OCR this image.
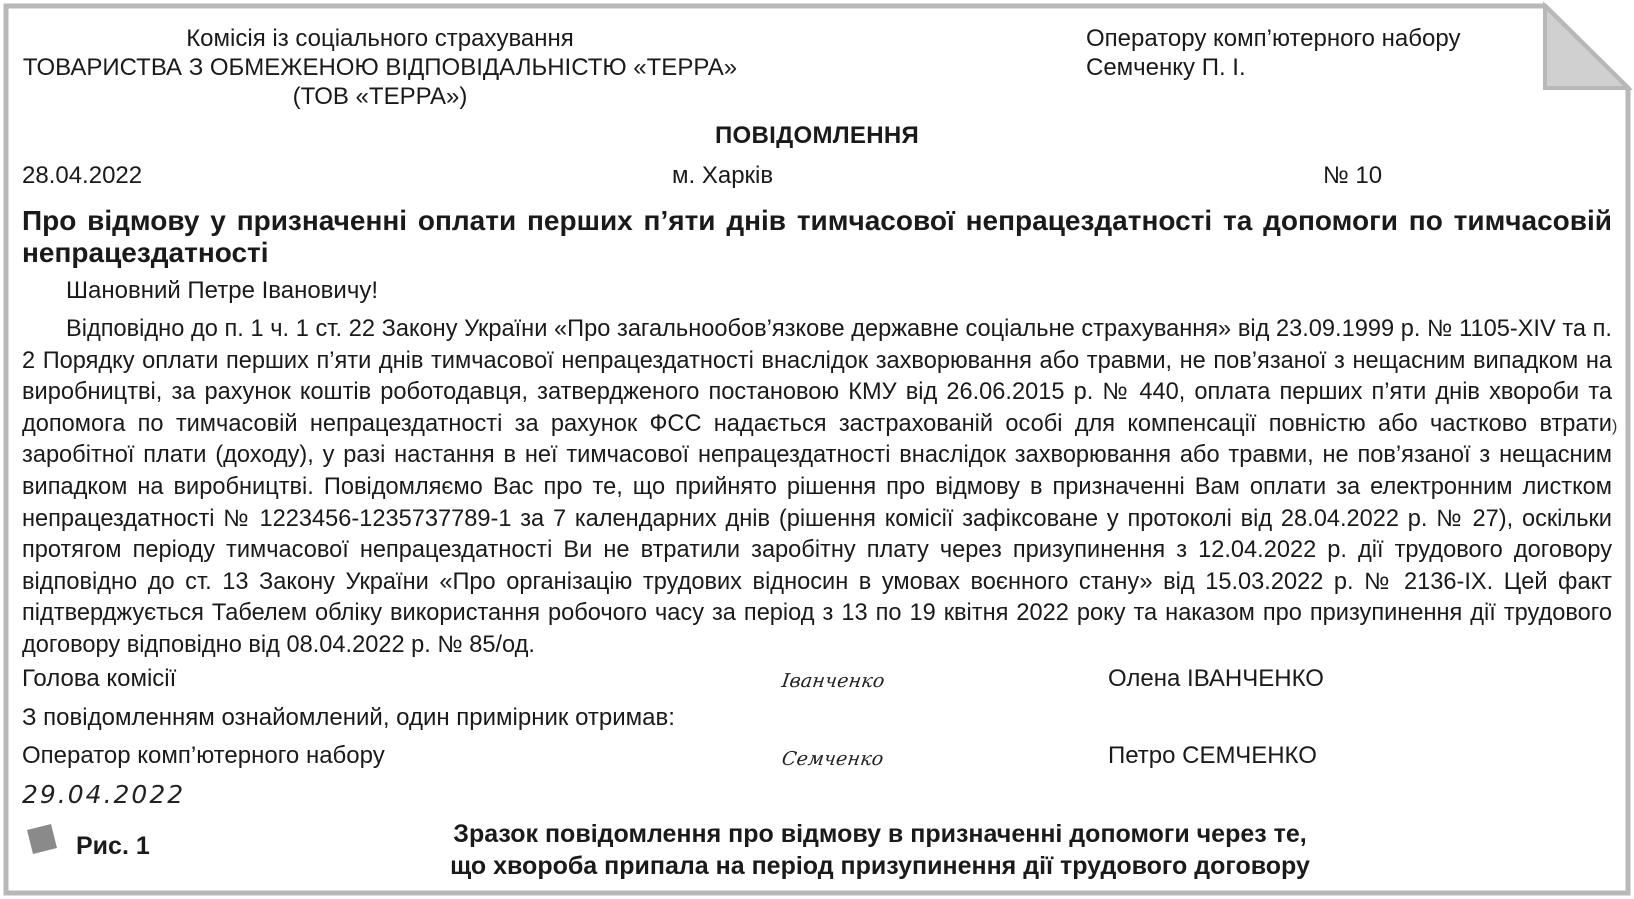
Комісія із соціального страхування
ТОВАРИСТВА З ОБМЕЖЕНОЮ ВІДПОВІДАЛЬНІСТЮ «ТЕРРА»
(ТОВ «ТЕРРА»)
Оператору комп’ютерного набору
Семченку П. І.
ПОВІДОМЛЕННЯ
28.04.2022	м. Харків	№ 10
Про відмову у призначенні оплати перших п’яти днів тимчасової непрацездатності та допомоги по тимчасовій непрацездатності
Шановний Петре Івановичу!
Відповідно до п. 1 ч. 1 ст. 22 Закону України «Про загальнообов’язкове державне соціальне страхування» від 23.09.1999 р. № 1105-XIV та п. 2 Порядку оплати перших п’яти днів тимчасової непрацездатності внаслідок захворювання або травми, не пов’язаної з нещасним випадком на виробництві, за рахунок коштів роботодавця, затвердженого постановою КМУ від 26.06.2015 р. № 440, оплата перших п’яти днів хвороби та допомога по тимчасовій непрацездатності за рахунок ФСС надається застрахованій особі для компенсації повністю або частково втрати заробітної плати (доходу), у разі настання в неї тимчасової непрацездатності внаслідок захворювання або травми, не пов’язаної з нещасним випадком на виробництві. Повідомляємо Вас про те, що прийнято рішення про відмову в призначенні Вам оплати за електронним листком непрацездатності № 1223456-1235737789-1 за 7 календарних днів (рішення комісії зафіксоване у протоколі від 28.04.2022 р. № 27), оскільки протягом періоду тимчасової непрацездатності Ви не втратили заробітну плату через призупинення з 12.04.2022 р. дії трудового договору відповідно до ст. 13 Закону України «Про організацію трудових відносин в умовах воєнного стану» від 15.03.2022 р. № 2136-IX. Цей факт підтверджується Табелем обліку використання робочого часу за період з 13 по 19 квітня 2022 року та наказом про призупинення дії трудового договору відповідно від 08.04.2022 р. № 85/од.
)
Голова комісії	Іванченко	Олена ІВАНЧЕНКО
З повідомленням ознайомлений, один примірник отримав:
Оператор комп’ютерного набору	Семченко	Петро СЕМЧЕНКО
29.04.2022
Рис. 1	Зразок повідомлення про відмову в призначенні допомоги через те,
що хвороба припала на період призупинення дії трудового договору
